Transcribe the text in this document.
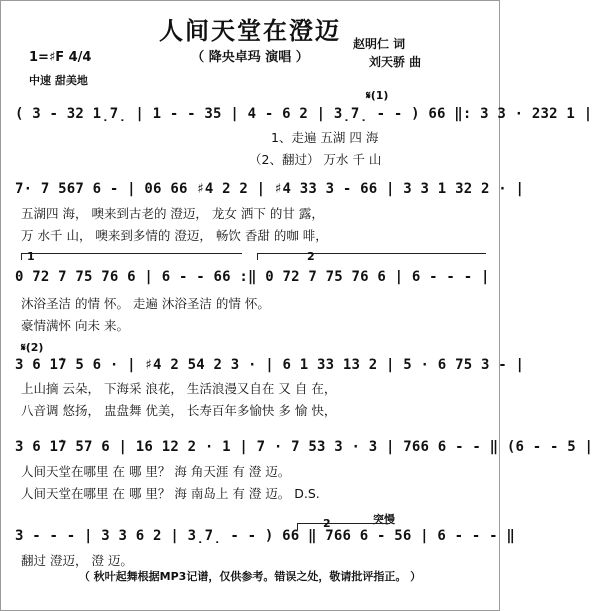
人间天堂在澄迈
（ 降央卓玛 演唱 ）
赵明仁 词
刘天骄 曲
1=♯F 4/4
中速 甜美地
𝄋(1)
( 3 - 32 1̣7̣ | 1 - - 35 | 4 - 6 2 | 3̣7̣ - - ) 66 ‖: 3 3 · 232 1 |
1、走遍 五湖 四 海
（2、翻过） 万水 千 山
7· 7 567 6 - | 06 66 ♯4 2 2 | ♯4 33 3 - 66 | 3 3 1 32 2 · |
五湖四 海， 噢来到古老的 澄迈， 龙女 洒下 的甘 露，
万 水千 山， 噢来到多情的 澄迈， 畅饮 香甜 的咖 啡，
1	2
0 72 7 75 76 6 | 6 - - 66 :‖ 0 72 7 75 76 6 | 6 - - - |
沐浴圣洁 的情 怀。 走遍 沐浴圣洁 的情 怀。
豪情满怀 向未 来。
𝄋(2)
3 6 1̇7 5 6 · | ♯4 2 54 2 3 · | 6 1 33 13 2 | 5 · 6 75 3 - |
上山摘 云朵， 下海采 浪花， 生活浪漫又自在 又 自 在，
八音调 悠扬， 盅盘舞 优美， 长寿百年多愉快 多 愉 快，
3 6 1̇7 57 6 | 16 12 2 · 1 | 7 · 7 53 3 · 3 | 766 6 - - ‖ (6 - - 5 |
人间天堂在哪里 在 哪 里？ 海 角天涯 有 澄 迈。
人间天堂在哪里 在 哪 里？ 海 南岛上 有 澄 迈。 D.S.
突慢
2
3 - - - | 3 3 6 2 | 3̣7̣ - - ) 66 ‖ 766 6 - 56 | 6 - - - ‖
翻过 澄迈， 澄 迈。
（ 秋叶起舞根据MP3记谱，仅供参考。错误之处，敬请批评指正。 ）
